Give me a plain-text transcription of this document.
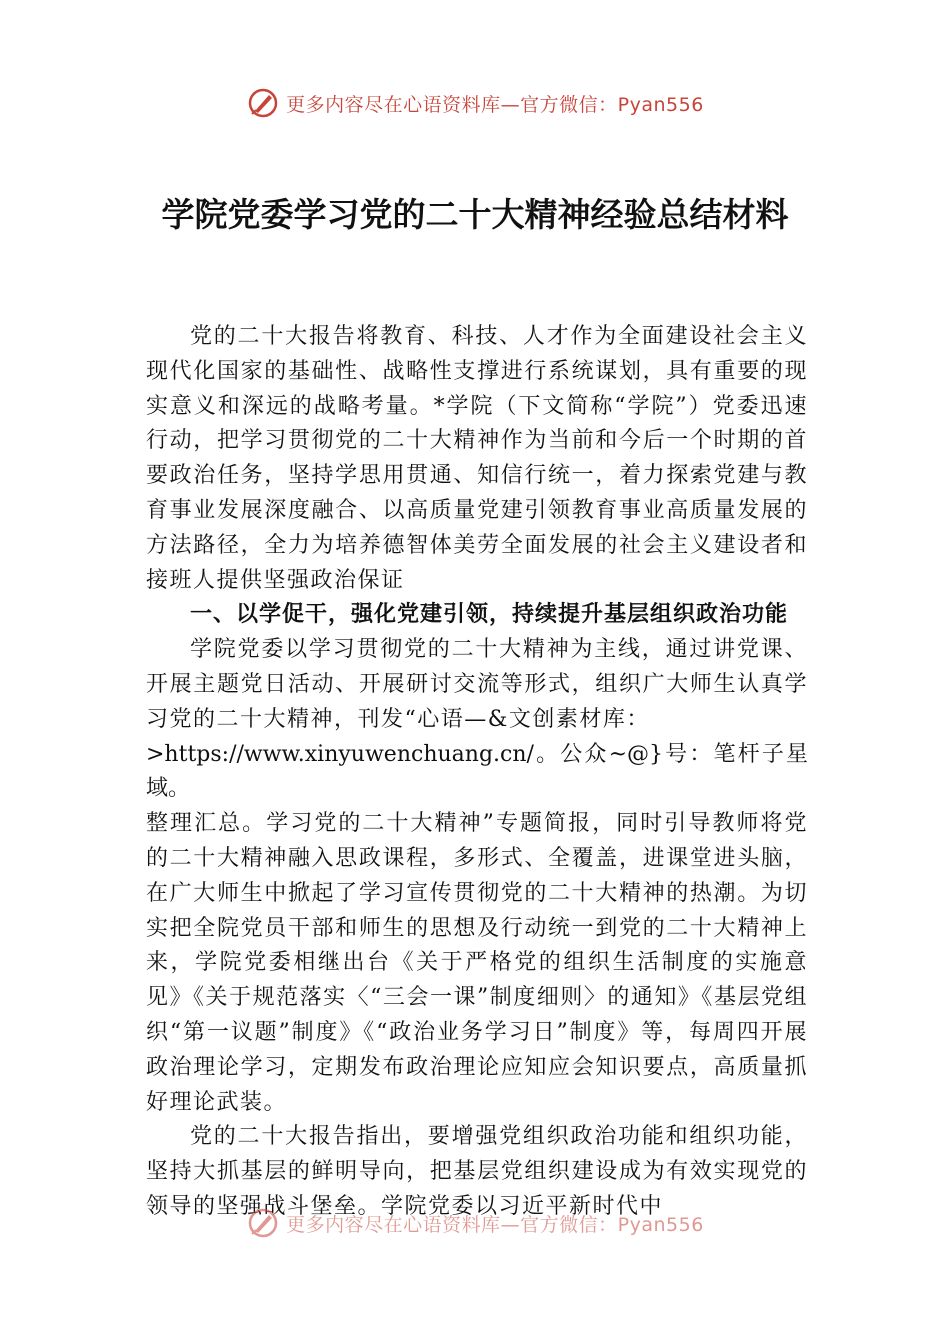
更多内容尽在心语资料库—官方微信：Pyan556
学院党委学习党的二十大精神经验总结材料

党的二十大报告将教育、科技、人才作为全面建设社会主义现代化国家的基础性、战略性支撑进行系统谋划，具有重要的现实意义和深远的战略考量。*学院（下文简称“学院”）党委迅速行动，把学习贯彻党的二十大精神作为当前和今后一个时期的首要政治任务，坚持学思用贯通、知信行统一，着力探索党建与教育事业发展深度融合、以高质量党建引领教育事业高质量发展的方法路径，全力为培养德智体美劳全面发展的社会主义建设者和接班人提供坚强政治保证

一、以学促干，强化党建引领，持续提升基层组织政治功能

学院党委以学习贯彻党的二十大精神为主线，通过讲党课、开展主题党日活动、开展研讨交流等形式，组织广大师生认真学习党的二十大精神，刊发“心语—&文创素材库：

>https://www.xinyuwenchuang.cn/。公众~@}号：笔杆子星域。
整理汇总。学习党的二十大精神”专题简报，同时引导教师将党的二十大精神融入思政课程，多形式、全覆盖，进课堂进头脑，在广大师生中掀起了学习宣传贯彻党的二十大精神的热潮。为切实把全院党员干部和师生的思想及行动统一到党的二十大精神上来，学院党委相继出台《关于严格党的组织生活制度的实施意见》《关于规范落实〈“三会一课”制度细则〉的通知》《基层党组织“第一议题”制度》《“政治业务学习日”制度》等，每周四开展政治理论学习，定期发布政治理论应知应会知识要点，高质量抓好理论武装。

党的二十大报告指出，要增强党组织政治功能和组织功能，坚持大抓基层的鲜明导向，把基层党组织建设成为有效实现党的领导的坚强战斗堡垒。学院党委以习近平新时代中

更多内容尽在心语资料库—官方微信：Pyan556
